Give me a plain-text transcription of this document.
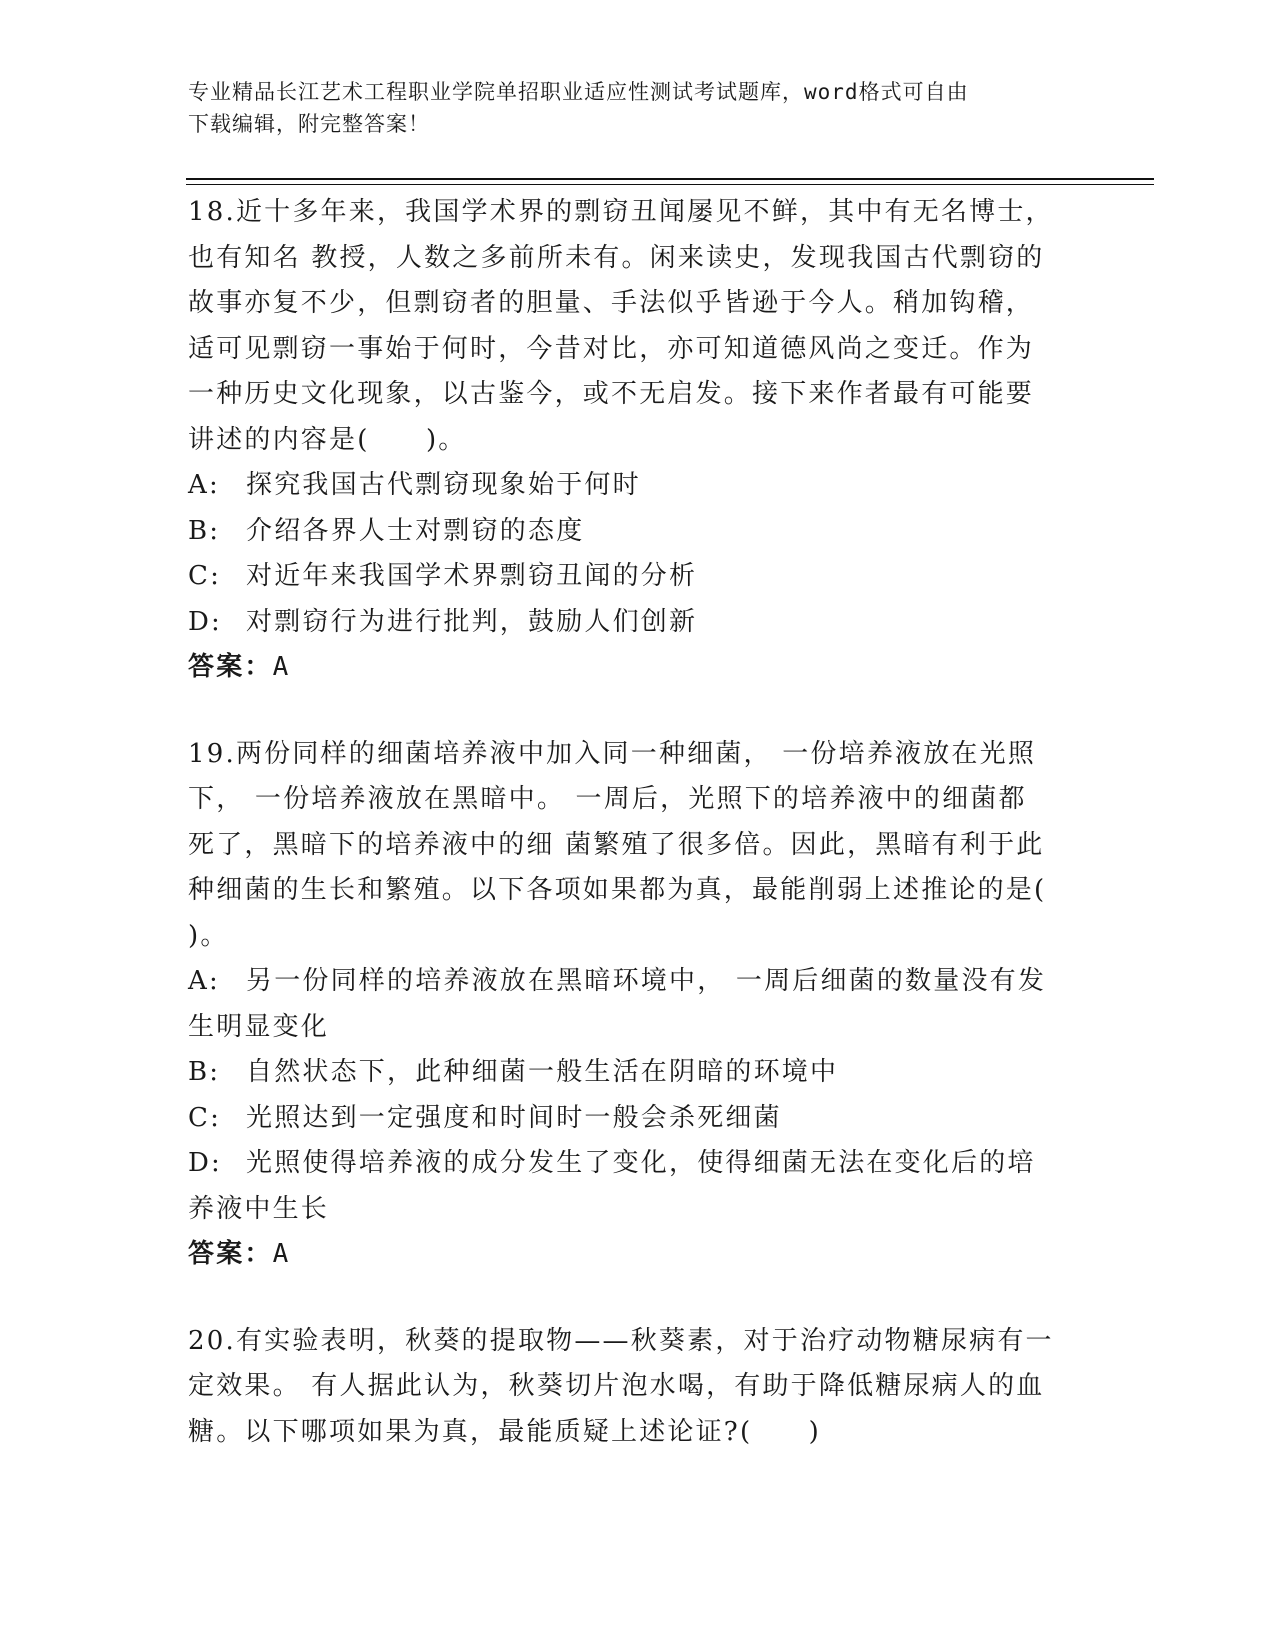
专业精品长江艺术工程职业学院单招职业适应性测试考试题库，word格式可自由
下载编辑，附完整答案！

18.近十多年来，我国学术界的剽窃丑闻屡见不鲜，其中有无名博士，

也有知名 教授，人数之多前所未有。闲来读史，发现我国古代剽窃的

故事亦复不少，但剽窃者的胆量、手法似乎皆逊于今人。稍加钩稽，

适可见剽窃一事始于何时，今昔对比，亦可知道德风尚之变迁。作为

一种历史文化现象，以古鉴今，或不无启发。接下来作者最有可能要

讲述的内容是(　　)。

A:	探究我国古代剽窃现象始于何时

B: 介绍各界人士对剽窃的态度

C: 对近年来我国学术界剽窃丑闻的分析

D: 对剽窃行为进行批判，鼓励人们创新

答案：A

19.两份同样的细菌培养液中加入同一种细菌， 一份培养液放在光照

下， 一份培养液放在黑暗中。 一周后，光照下的培养液中的细菌都

死了，黑暗下的培养液中的细 菌繁殖了很多倍。因此，黑暗有利于此

种细菌的生长和繁殖。以下各项如果都为真，最能削弱上述推论的是(

)。

A:	另一份同样的培养液放在黑暗环境中， 一周后细菌的数量没有发

生明显变化

B: 自然状态下，此种细菌一般生活在阴暗的环境中

C: 光照达到一定强度和时间时一般会杀死细菌

D: 光照使得培养液的成分发生了变化，使得细菌无法在变化后的培

养液中生长

答案：A

20.有实验表明，秋葵的提取物——秋葵素，对于治疗动物糖尿病有一

定效果。 有人据此认为，秋葵切片泡水喝，有助于降低糖尿病人的血

糖。以下哪项如果为真，最能质疑上述论证?(　　)
